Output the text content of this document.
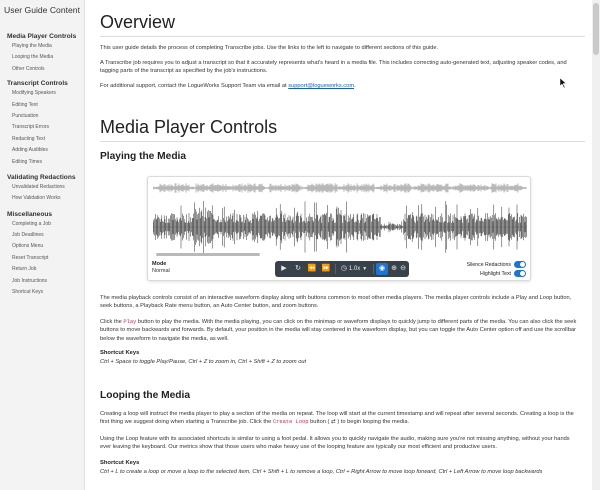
User Guide Content
Media Player Controls
Playing the Media
Looping the Media
Other Controls
Transcript Controls
Modifying Speakers
Editing Text
Punctuation
Transcript Errors
Redacting Text
Adding Audibles
Editing Times
Validating Redactions
Unvalidated Redactions
How Validation Works
Miscellaneous
Completing a Job
Job Deadlines
Options Menu
Reset Transcript
Return Job
Job Instructions
Shortcut Keys
Overview
This user guide details the process of completing Transcribe jobs. Use the links to the left to navigate to different sections of this guide.
A Transcribe job requires you to adjust a transcript so that it accurately represents what's heard in a media file. This includes correcting auto-generated text, adjusting speaker codes, and tagging parts of the transcript as specified by the job's instructions.
For additional support, contact the LogueWorks Support Team via email at support@logueworks.com.
Media Player Controls
Playing the Media
The media playback controls consist of an interactive waveform display along with buttons common to most other media players. The media player controls include a Play and Loop button, seek buttons, a Playback Rate menu button, an Auto Center button, and zoom buttons.
Click the Play button to play the media. With the media playing, you can click on the minimap or waveform displays to quickly jump to different parts of the media. You can also click the seek buttons to move backwards and forwards. By default, your position in the media will stay centered in the waveform display, but you can toggle the Auto Center option off and use the scrollbar below the waveform to navigate the media, as well.
Shortcut Keys
Ctrl + Space to toggle Play/Pause, Ctrl + Z to zoom in, Ctrl + Shift + Z to zoom out
Looping the Media
Creating a loop will instruct the media player to play a section of the media on repeat. The loop will start at the current timestamp and will repeat after several seconds. Creating a loop is the first thing we suggest doing when starting a Transcribe job. Click the Create Loop button ( ⇄ ) to begin looping the media.
Using the Loop feature with its associated shortcuts is similar to using a foot pedal. It allows you to quickly navigate the audio, making sure you're not missing anything, without your hands ever leaving the keyboard. Our metrics show that those users who make heavy use of the looping feature are typically our most efficient and productive users.
Shortcut Keys
Ctrl + L to create a loop or move a loop to the selected item, Ctrl + Shift + L to remove a loop, Ctrl + Right Arrow to move loop forward, Ctrl + Left Arrow to move loop backwards
Mode
Normal	▶	↻ ⏪ ⏩	◷ 1.0x ▼	◉ ⊕ ⊖
Silence Redactions
Highlight Text
